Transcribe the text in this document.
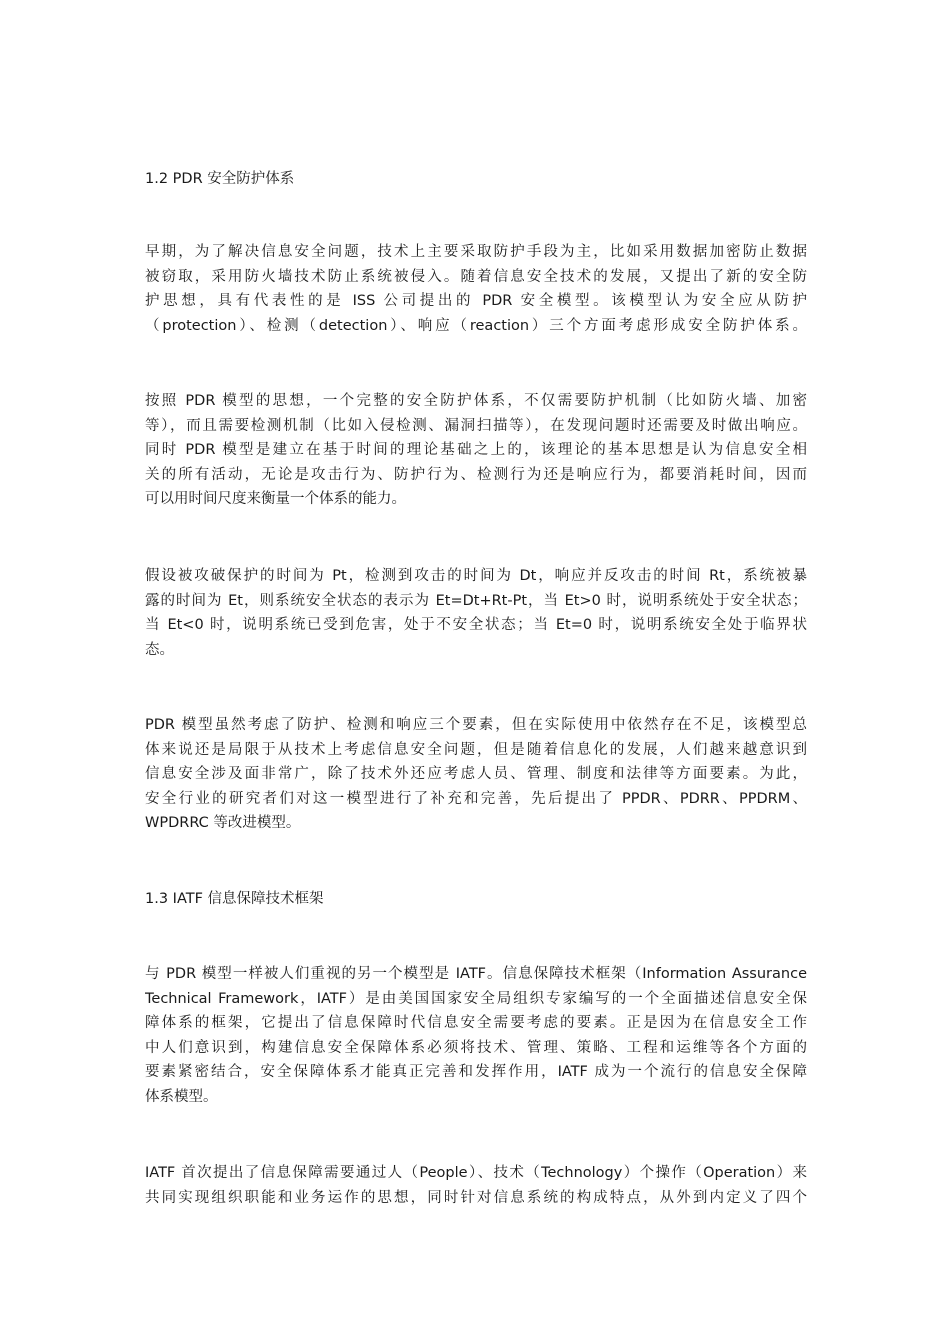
1.2 PDR 安全防护体系
早期，为了解决信息安全问题，技术上主要采取防护手段为主，比如采用数据加密防止数据
被窃取，采用防火墙技术防止系统被侵入。随着信息安全技术的发展，又提出了新的安全防
护思想，具有代表性的是 ISS 公司提出的 PDR 安全模型。该模型认为安全应从防护
（protection）、检测（detection）、响应（reaction）三个方面考虑形成安全防护体系。
按照 PDR 模型的思想，一个完整的安全防护体系，不仅需要防护机制（比如防火墙、加密
等），而且需要检测机制（比如入侵检测、漏洞扫描等），在发现问题时还需要及时做出响应。
同时 PDR 模型是建立在基于时间的理论基础之上的，该理论的基本思想是认为信息安全相
关的所有活动，无论是攻击行为、防护行为、检测行为还是响应行为，都要消耗时间，因而
可以用时间尺度来衡量一个体系的能力。
假设被攻破保护的时间为 Pt，检测到攻击的时间为 Dt，响应并反攻击的时间 Rt，系统被暴
露的时间为 Et，则系统安全状态的表示为 Et=Dt+Rt-Pt，当 Et>0 时，说明系统处于安全状态；
当 Et<0 时，说明系统已受到危害，处于不安全状态；当 Et=0 时，说明系统安全处于临界状
态。
PDR 模型虽然考虑了防护、检测和响应三个要素，但在实际使用中依然存在不足，该模型总
体来说还是局限于从技术上考虑信息安全问题，但是随着信息化的发展，人们越来越意识到
信息安全涉及面非常广，除了技术外还应考虑人员、管理、制度和法律等方面要素。为此，
安全行业的研究者们对这一模型进行了补充和完善，先后提出了 PPDR、PDRR、PPDRM、
WPDRRC 等改进模型。
1.3 IATF 信息保障技术框架
与 PDR 模型一样被人们重视的另一个模型是 IATF。信息保障技术框架（Information Assurance
Technical Framework，IATF）是由美国国家安全局组织专家编写的一个全面描述信息安全保
障体系的框架，它提出了信息保障时代信息安全需要考虑的要素。正是因为在信息安全工作
中人们意识到，构建信息安全保障体系必须将技术、管理、策略、工程和运维等各个方面的
要素紧密结合，安全保障体系才能真正完善和发挥作用，IATF 成为一个流行的信息安全保障
体系模型。
IATF 首次提出了信息保障需要通过人（People）、技术（Technology）个操作（Operation）来
共同实现组织职能和业务运作的思想，同时针对信息系统的构成特点，从外到内定义了四个
